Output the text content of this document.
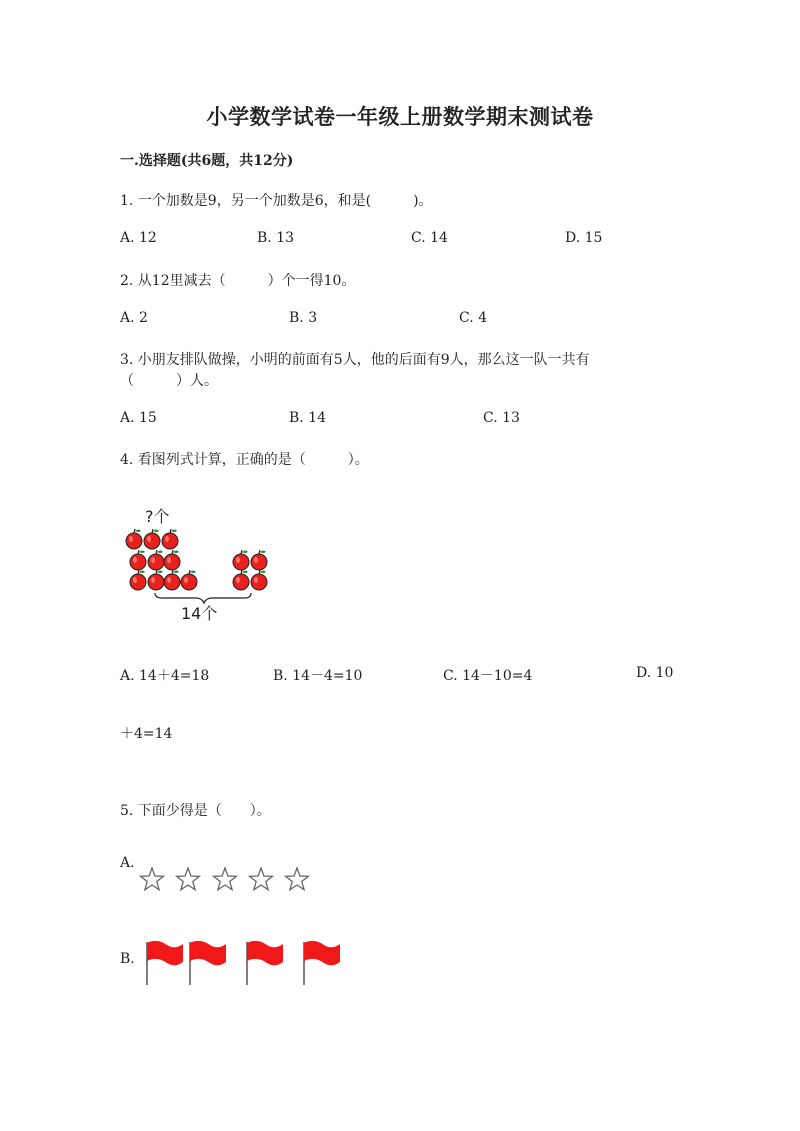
小学数学试卷一年级上册数学期末测试卷
一.选择题(共6题，共12分)
1. 一个加数是9，另一个加数是6，和是(　　　)。
A. 12	B. 13	C. 14	D. 15
2. 从12里减去（　　　）个一得10。
A. 2	B. 3	C. 4
3. 小朋友排队做操，小明的前面有5人，他的后面有9人，那么这一队一共有
（　　　）人。
A. 15	B. 14	C. 13
4. 看图列式计算，正确的是（　　　）。
?个
14个
A. 14＋4=18	B. 14－4=10	C. 14－10=4	D. 10
＋4=14
5. 下面少得是（　　）。
A.
B.
